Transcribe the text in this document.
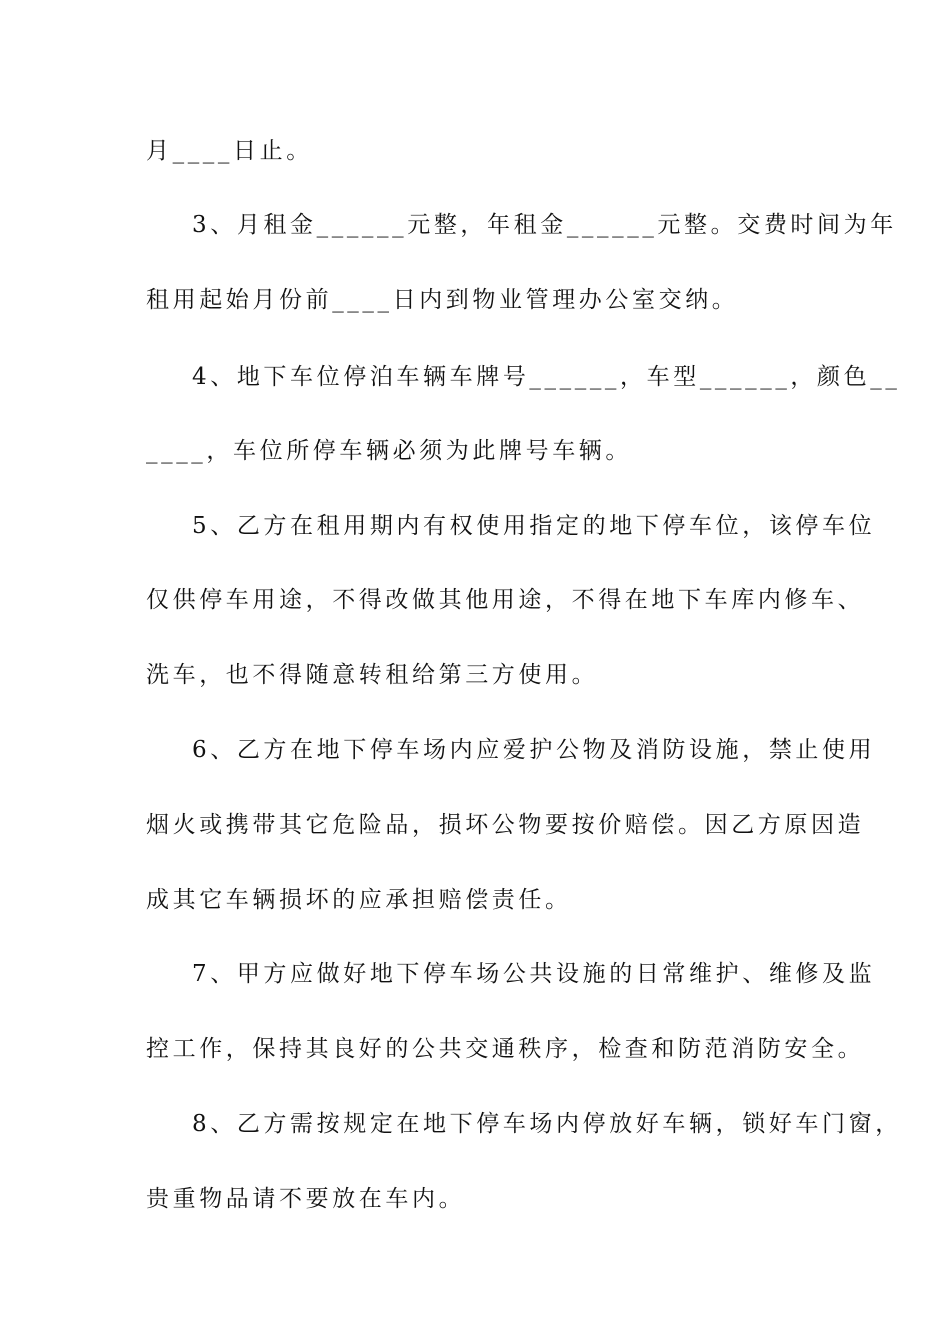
月____日止。
3、月租金______元整，年租金______元整。交费时间为年
租用起始月份前____日内到物业管理办公室交纳。
4、地下车位停泊车辆车牌号______，车型______，颜色__
____，车位所停车辆必须为此牌号车辆。
5、乙方在租用期内有权使用指定的地下停车位，该停车位
仅供停车用途，不得改做其他用途，不得在地下车库内修车、
洗车，也不得随意转租给第三方使用。
6、乙方在地下停车场内应爱护公物及消防设施，禁止使用
烟火或携带其它危险品，损坏公物要按价赔偿。因乙方原因造
成其它车辆损坏的应承担赔偿责任。
7、甲方应做好地下停车场公共设施的日常维护、维修及监
控工作，保持其良好的公共交通秩序，检查和防范消防安全。
8、乙方需按规定在地下停车场内停放好车辆，锁好车门窗，
贵重物品请不要放在车内。
